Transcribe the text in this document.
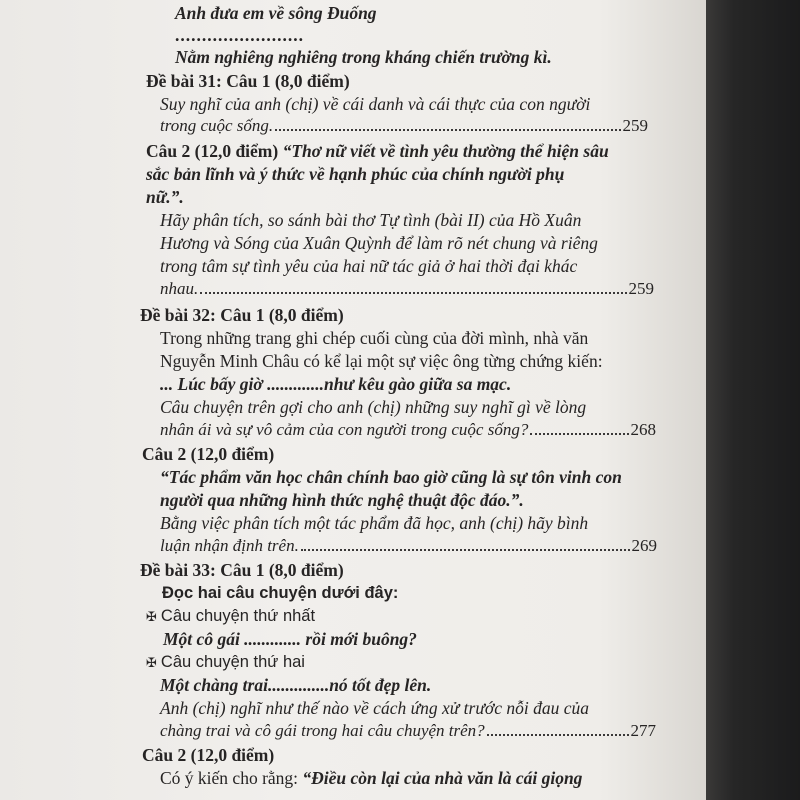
Anh đưa em về sông Đuống
........................
Nằm nghiêng nghiêng trong kháng chiến trường kì.
Đề bài 31: Câu 1 (8,0 điểm)
Suy nghĩ của anh (chị) về cái danh và cái thực của con người
trong cuộc sống.	259
Câu 2 (12,0 điểm) “Thơ nữ viết về tình yêu thường thể hiện sâu
sắc bản lĩnh và ý thức về hạnh phúc của chính người phụ
nữ.”.
Hãy phân tích, so sánh bài thơ Tự tình (bài II) của Hồ Xuân
Hương và Sóng của Xuân Quỳnh để làm rõ nét chung và riêng
trong tâm sự tình yêu của hai nữ tác giả ở hai thời đại khác
nhau.	259
Đề bài 32: Câu 1 (8,0 điểm)
Trong những trang ghi chép cuối cùng của đời mình, nhà văn
Nguyễn Minh Châu có kể lại một sự việc ông từng chứng kiến:
... Lúc bấy giờ .............như kêu gào giữa sa mạc.
Câu chuyện trên gợi cho anh (chị) những suy nghĩ gì về lòng
nhân ái và sự vô cảm của con người trong cuộc sống?	268
Câu 2 (12,0 điểm)
“Tác phẩm văn học chân chính bao giờ cũng là sự tôn vinh con
người qua những hình thức nghệ thuật độc đáo.”.
Bằng việc phân tích một tác phẩm đã học, anh (chị) hãy bình
luận nhận định trên.	269
Đề bài 33: Câu 1 (8,0 điểm)
Đọc hai câu chuyện dưới đây:
✠ Câu chuyện thứ nhất
Một cô gái ............. rồi mới buông?
✠ Câu chuyện thứ hai
Một chàng trai..............nó tốt đẹp lên.
Anh (chị) nghĩ như thế nào về cách ứng xử trước nỗi đau của
chàng trai và cô gái trong hai câu chuyện trên?	277
Câu 2 (12,0 điểm)
Có ý kiến cho rằng: “Điều còn lại của nhà văn là cái giọng
